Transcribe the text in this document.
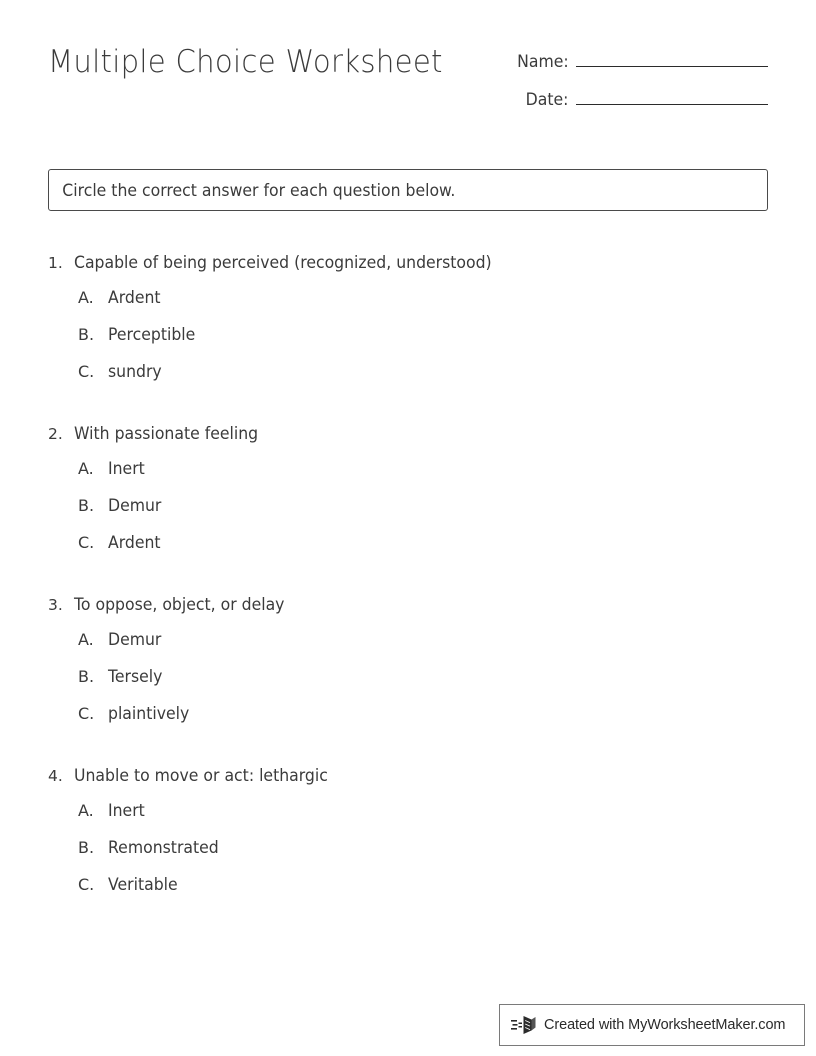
Multiple Choice Worksheet	Name:
Date:
Circle the correct answer for each question below.
1. Capable of being perceived (recognized, understood)
A. Ardent
B. Perceptible
C. sundry
2. With passionate feeling
A. Inert
B. Demur
C. Ardent
3. To oppose, object, or delay
A. Demur
B. Tersely
C. plaintively
4. Unable to move or act: lethargic
A. Inert
B. Remonstrated
C. Veritable
Created with MyWorksheetMaker.com
